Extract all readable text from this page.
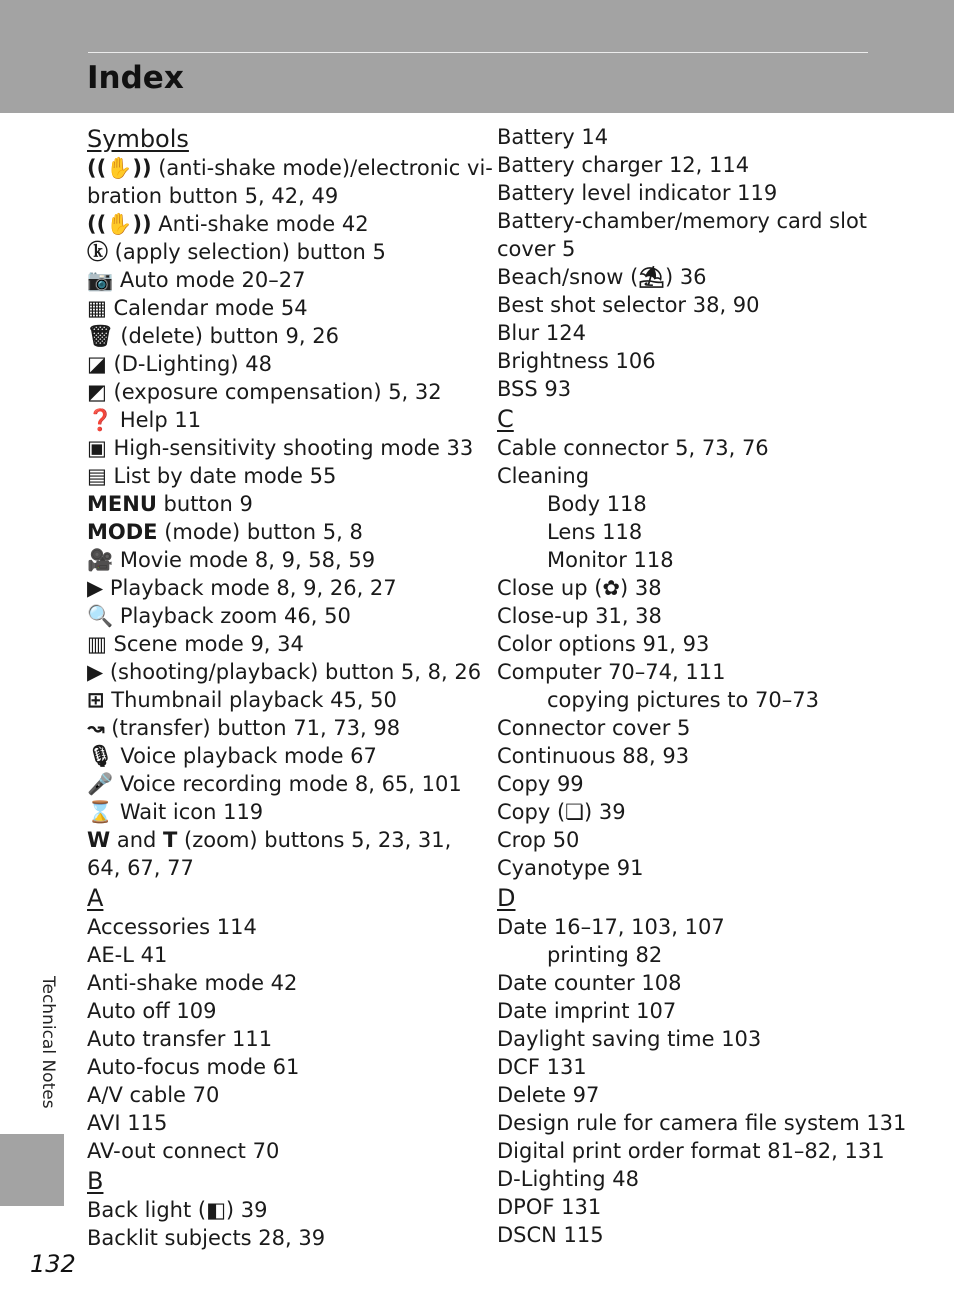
Index
Symbols
((✋)) (anti-shake mode)/electronic vi-
bration button 5, 42, 49
((✋)) Anti-shake mode 42
ⓚ (apply selection) button 5
📷 Auto mode 20–27
▦ Calendar mode 54
🗑 (delete) button 9, 26
◪ (D-Lighting) 48
◩ (exposure compensation) 5, 32
❓ Help 11
▣ High-sensitivity shooting mode 33
▤ List by date mode 55
MENU button 9
MODE (mode) button 5, 8
🎥 Movie mode 8, 9, 58, 59
▶ Playback mode 8, 9, 26, 27
🔍 Playback zoom 46, 50
▥ Scene mode 9, 34
▶ (shooting/playback) button 5, 8, 26
⊞ Thumbnail playback 45, 50
↝ (transfer) button 71, 73, 98
🎙 Voice playback mode 67
🎤 Voice recording mode 8, 65, 101
⌛ Wait icon 119
W and T (zoom) buttons 5, 23, 31,
64, 67, 77
A
Accessories 114
AE-L 41
Anti-shake mode 42
Auto off 109
Auto transfer 111
Auto-focus mode 61
A/V cable 70
AVI 115
AV-out connect 70
B
Back light (◧) 39
Backlit subjects 28, 39
Battery 14
Battery charger 12, 114
Battery level indicator 119
Battery-chamber/memory card slot
cover 5
Beach/snow (⛱) 36
Best shot selector 38, 90
Blur 124
Brightness 106
BSS 93
C
Cable connector 5, 73, 76
Cleaning
Body 118
Lens 118
Monitor 118
Close up (✿) 38
Close-up 31, 38
Color options 91, 93
Computer 70–74, 111
copying pictures to 70–73
Connector cover 5
Continuous 88, 93
Copy 99
Copy (❏) 39
Crop 50
Cyanotype 91
D
Date 16–17, 103, 107
printing 82
Date counter 108
Date imprint 107
Daylight saving time 103
DCF 131
Delete 97
Design rule for camera file system 131
Digital print order format 81–82, 131
D-Lighting 48
DPOF 131
DSCN 115
Technical Notes
132
